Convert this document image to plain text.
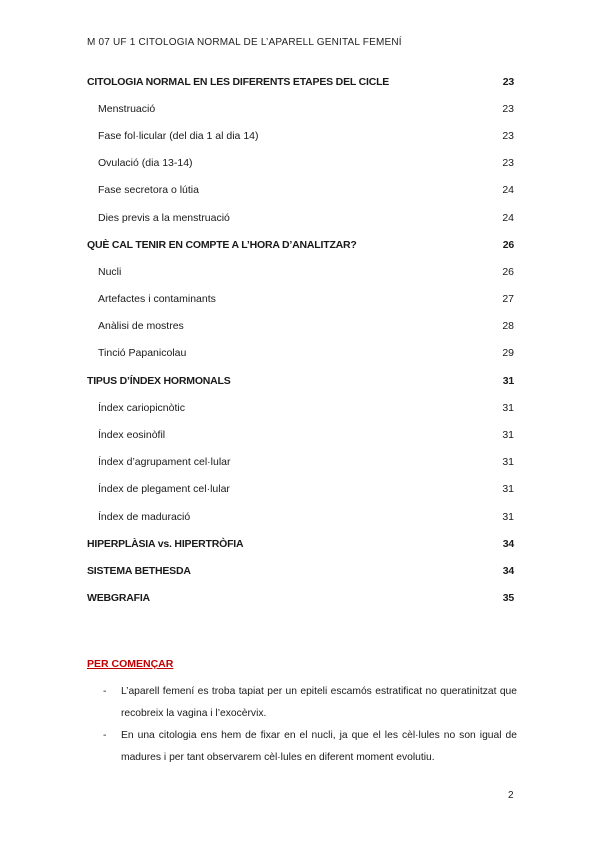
M 07 UF 1 CITOLOGIA NORMAL DE L’APARELL GENITAL FEMENÍ
CITOLOGIA NORMAL EN LES DIFERENTS ETAPES DEL CICLE	23
Menstruació	23
Fase fol·licular (del dia 1 al dia 14)	23
Ovulació (dia 13-14)	23
Fase secretora o lútia	24
Dies previs a la menstruació	24
QUÈ CAL TENIR EN COMPTE A L’HORA D’ANALITZAR?	26
Nucli	26
Artefactes i contaminants	27
Anàlisi de mostres	28
Tinció Papanicolau	29
TIPUS D’ÍNDEX HORMONALS	31
Índex cariopicnòtic	31
Índex eosinòfil	31
Índex d’agrupament cel·lular	31
Índex de plegament cel·lular	31
Índex de maduració	31
HIPERPLÀSIA vs. HIPERTRÒFIA	34
SISTEMA BETHESDA	34
WEBGRAFIA	35
PER COMENÇAR
- L’aparell femení es troba tapiat per un epiteli escamós estratificat no queratinitzat que recobreix la vagina i l’exocèrvix.
- En una citologia ens hem de fixar en el nucli, ja que el les cèl·lules no son igual de madures i per tant observarem cèl·lules en diferent moment evolutiu.
2
